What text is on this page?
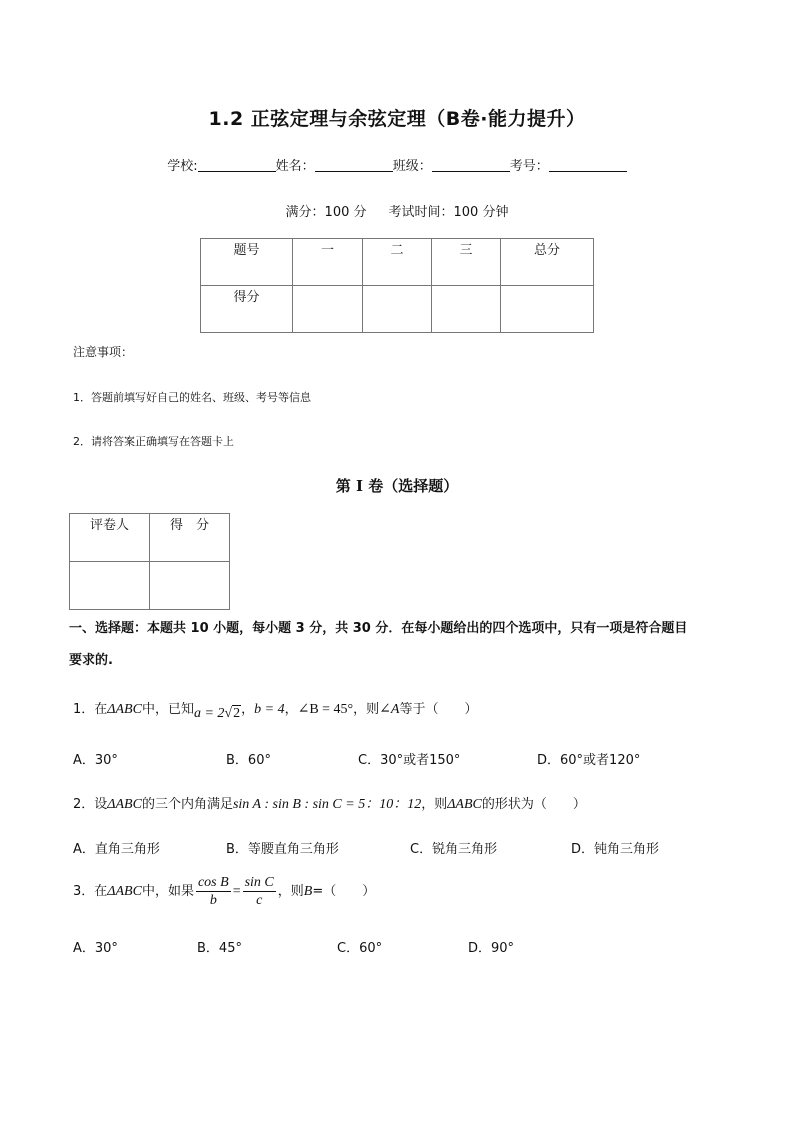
1.2 正弦定理与余弦定理（B卷·能力提升）
学校:	姓名：	班级：	考号：
满分：100 分 考试时间：100 分钟
题号	一	二	三	总分
得分				
注意事项：
1．答题前填写好自己的姓名、班级、考号等信息
2．请将答案正确填写在答题卡上
第 I 卷（选择题）
评卷人	得　分

一、选择题：本题共 10 小题，每小题 3 分，共 30 分．在每小题给出的四个选项中，只有一项是符合题目
要求的.
1．在ΔABC中，已知a = 2√2，b = 4，∠B = 45°，则∠A等于（　　）
A．30°	B．60°	C．30°或者150°	D．60°或者120°
2．设ΔABC的三个内角满足sin A : sin B : sin C = 5：10：12，则ΔABC的形状为（　　）
A．直角三角形	B．等腰直角三角形	C．锐角三角形	D．钝角三角形
3．在ΔABC中，如果 $\frac{\text{cos B}}{b} = \frac{\text{sin C}}{c}$ ，则B=（　　）
A．30°	B．45°	C．60°	D．90°
